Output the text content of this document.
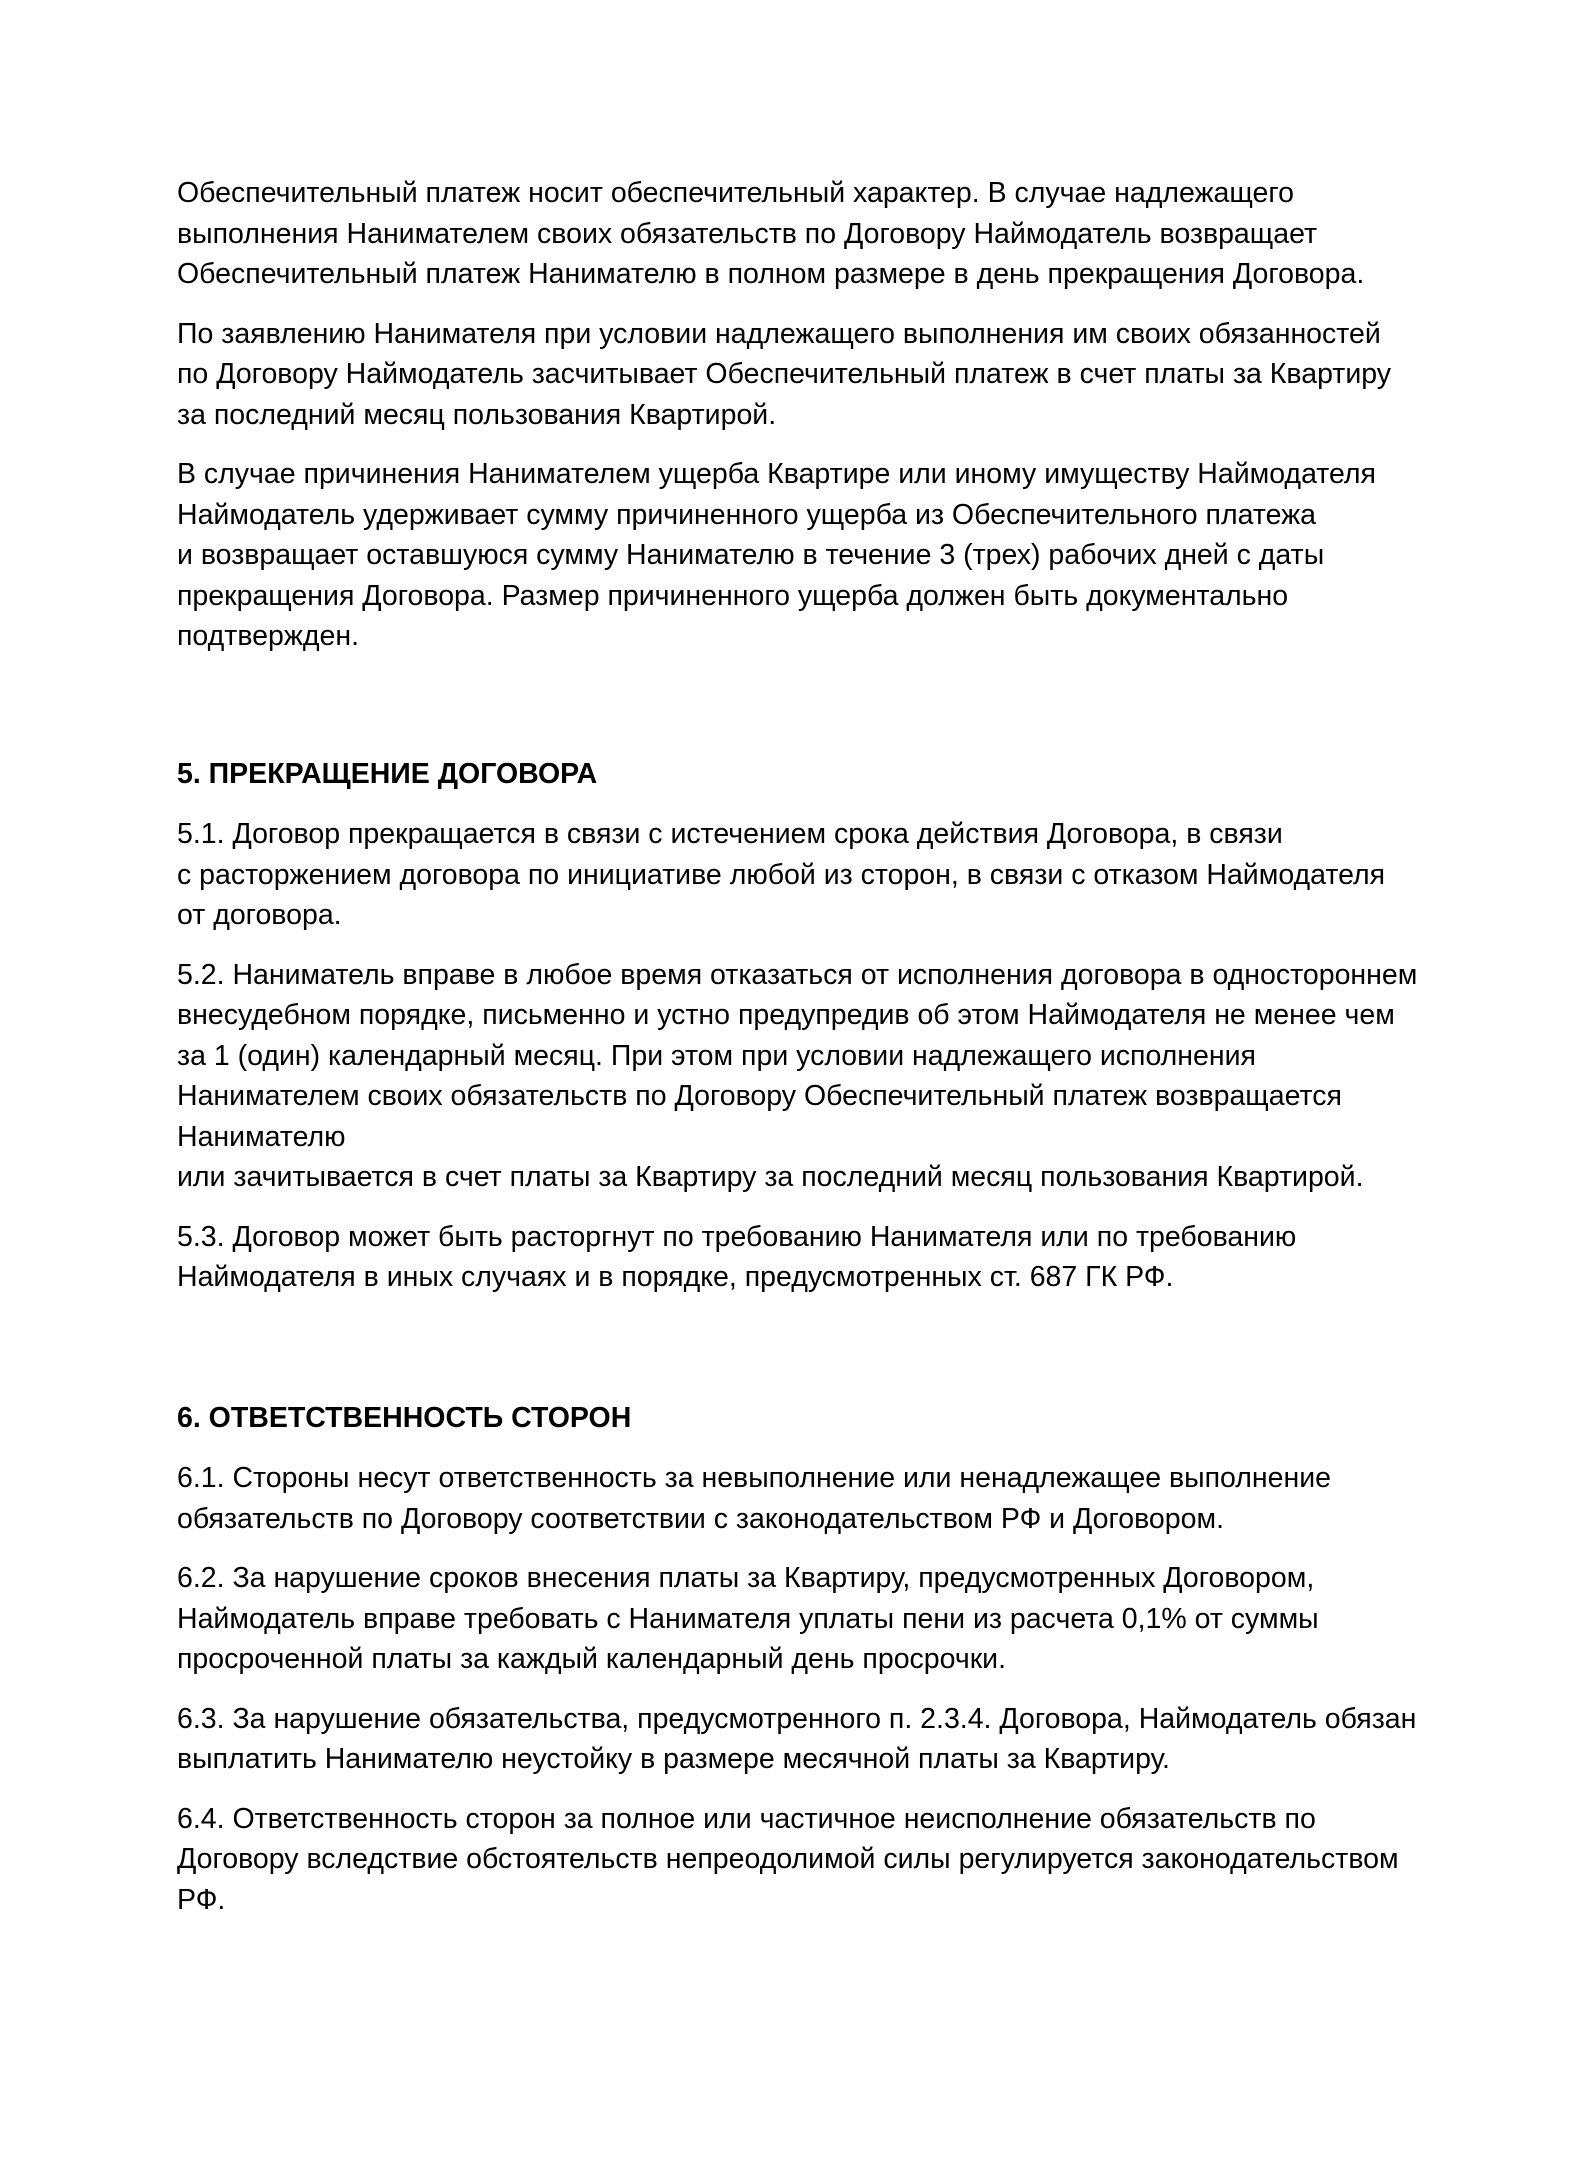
Обеспечительный платеж носит обеспечительный характер. В случае надлежащего
выполнения Нанимателем своих обязательств по Договору Наймодатель возвращает
Обеспечительный платеж Нанимателю в полном размере в день прекращения Договора.

По заявлению Нанимателя при условии надлежащего выполнения им своих обязанностей
по Договору Наймодатель засчитывает Обеспечительный платеж в счет платы за Квартиру
за последний месяц пользования Квартирой.

В случае причинения Нанимателем ущерба Квартире или иному имуществу Наймодателя
Наймодатель удерживает сумму причиненного ущерба из Обеспечительного платежа
и возвращает оставшуюся сумму Нанимателю в течение 3 (трех) рабочих дней с даты
прекращения Договора. Размер причиненного ущерба должен быть документально
подтвержден.

5. ПРЕКРАЩЕНИЕ ДОГОВОРА

5.1. Договор прекращается в связи с истечением срока действия Договора, в связи
с расторжением договора по инициативе любой из сторон, в связи с отказом Наймодателя
от договора.

5.2. Наниматель вправе в любое время отказаться от исполнения договора в одностороннем
внесудебном порядке, письменно и устно предупредив об этом Наймодателя не менее чем
за 1 (один) календарный месяц. При этом при условии надлежащего исполнения
Нанимателем своих обязательств по Договору Обеспечительный платеж возвращается
Нанимателю
или зачитывается в счет платы за Квартиру за последний месяц пользования Квартирой.

5.3. Договор может быть расторгнут по требованию Нанимателя или по требованию
Наймодателя в иных случаях и в порядке, предусмотренных ст. 687 ГК РФ.

6. ОТВЕТСТВЕННОСТЬ СТОРОН

6.1. Стороны несут ответственность за невыполнение или ненадлежащее выполнение
обязательств по Договору соответствии с законодательством РФ и Договором.

6.2. За нарушение сроков внесения платы за Квартиру, предусмотренных Договором,
Наймодатель вправе требовать с Нанимателя уплаты пени из расчета 0,1% от суммы
просроченной платы за каждый календарный день просрочки.

6.3. За нарушение обязательства, предусмотренного п. 2.3.4. Договора, Наймодатель обязан
выплатить Нанимателю неустойку в размере месячной платы за Квартиру.

6.4. Ответственность сторон за полное или частичное неисполнение обязательств по
Договору вследствие обстоятельств непреодолимой силы регулируется законодательством
РФ.
